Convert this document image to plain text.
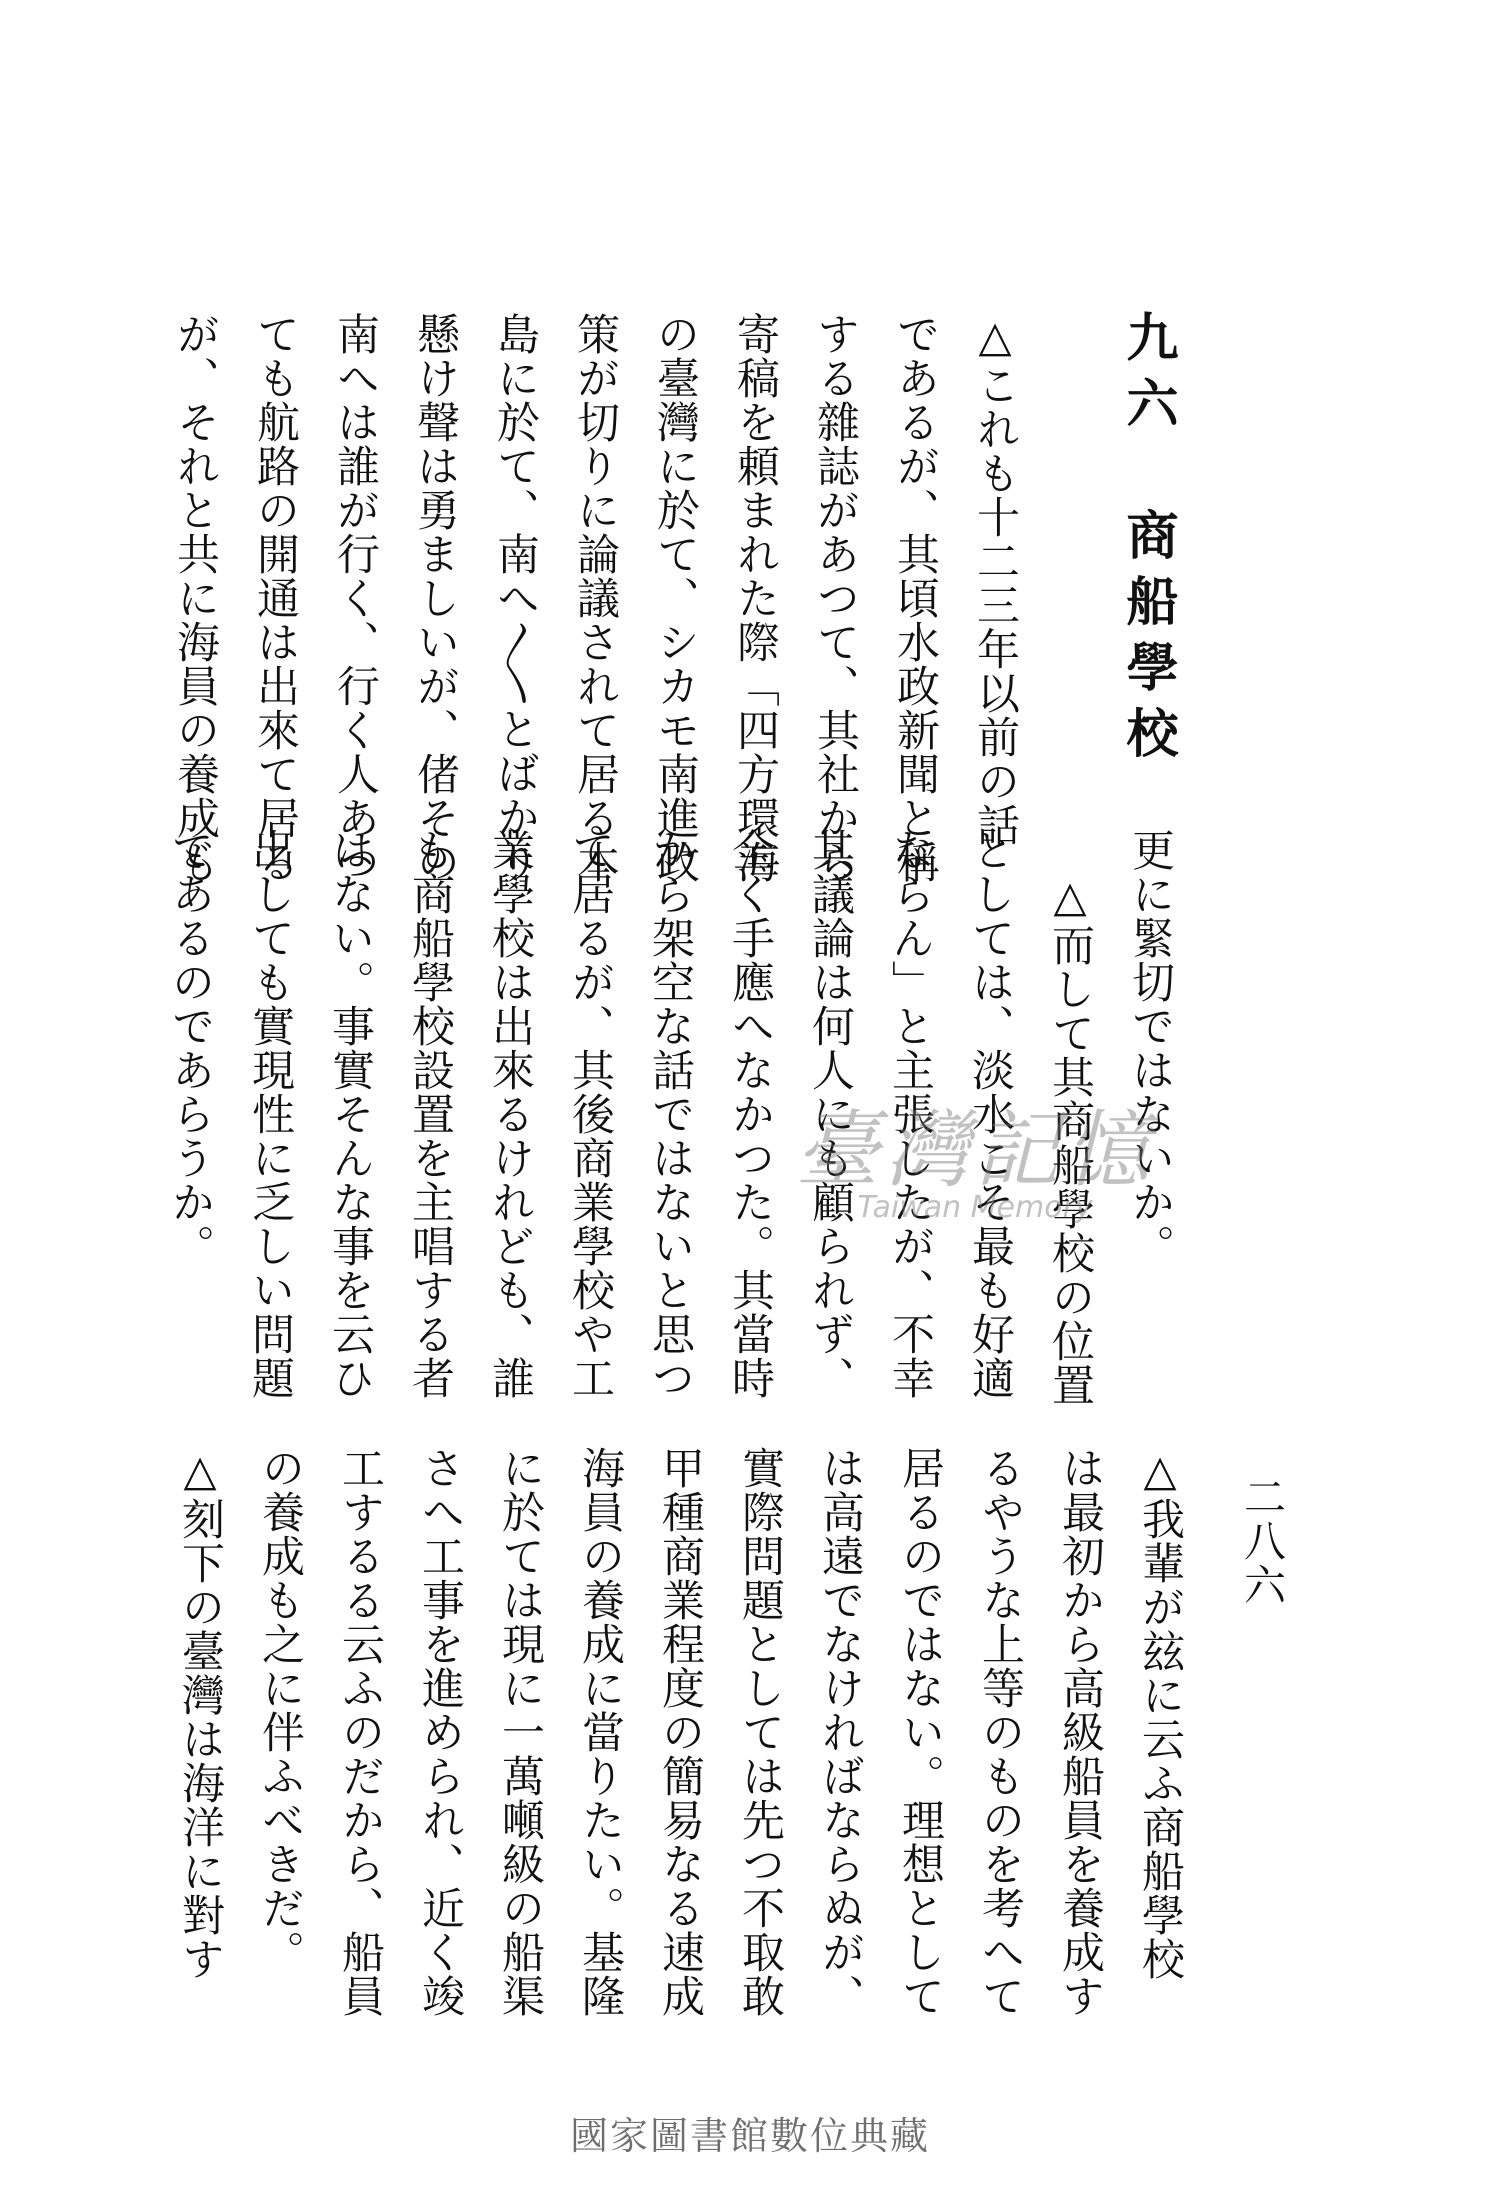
九六　商船學校
△これも十二三年以前の話
であるが、其頃水政新聞と稱
する雜誌があつて、其社から
寄稿を頼まれた際「四方環海
の臺灣に於て、シカモ南進政
策が切りに論議されて居る本
島に於て、南へ〱とばかり
懸け聲は勇ましいが、偖その
南へは誰が行く、行く人あつ
ても航路の開通は出來て居る
が、それと共に海員の養成も
更に緊切ではないか。
　△而して其商船學校の位置
としては、淡水こそ最も好適
ならん」と主張したが、不幸
其議論は何人にも顧られず、
全く手應へなかつた。其當時
から架空な話ではないと思つ
て居るが、其後商業學校や工
業學校は出來るけれども、誰
も商船學校設置を主唱する者
はない。事實そんな事を云ひ
出しても實現性に乏しい問題
であるのであらうか。
二八六
△我輩が玆に云ふ商船學校
は最初から高級船員を養成す
るやうな上等のものを考へて
居るのではない。理想として
は高遠でなければならぬが、
實際問題としては先つ不取敢
甲種商業程度の簡易なる速成
海員の養成に當りたい。基隆
に於ては現に一萬噸級の船渠
さへ工事を進められ、近く竣
工するる云ふのだから、船員
の養成も之に伴ふべきだ。
△刻下の臺灣は海洋に對す
臺灣記憶
Taiwan Memory
國家圖書館數位典藏
